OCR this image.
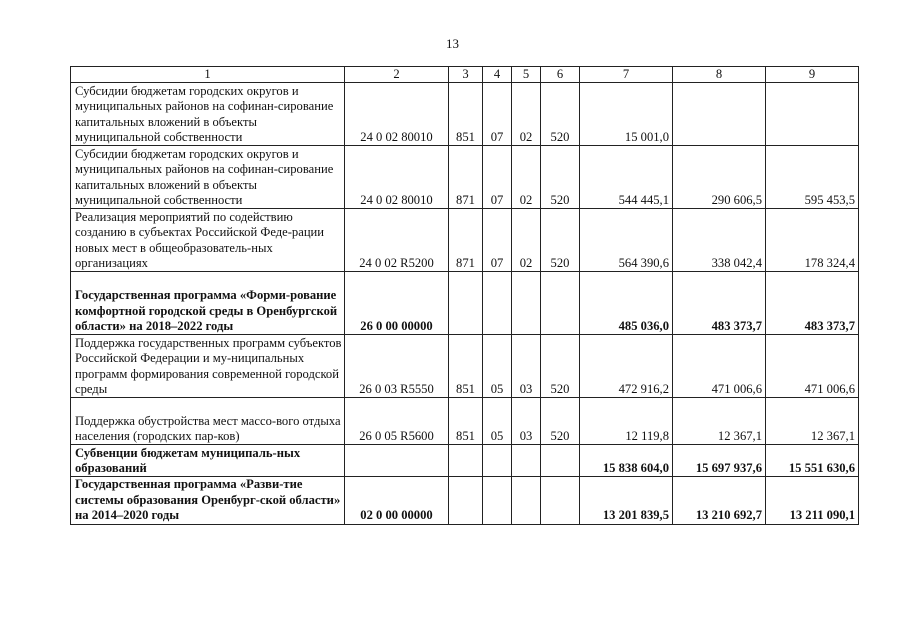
13
1	2	3	4	5	6	7	8	9
Субсидии бюджетам городских округов и муниципальных районов на софинан-сирование капитальных вложений в объекты муниципальной собственности	24 0 02 80010	851	07	02	520	15 001,0		
Субсидии бюджетам городских округов и муниципальных районов на софинан-сирование капитальных вложений в объекты муниципальной собственности	24 0 02 80010	871	07	02	520	544 445,1	290 606,5	595 453,5
Реализация мероприятий по содействию созданию в субъектах Российской Феде-рации новых мест в общеобразователь-ных организациях	24 0 02 R5200	871	07	02	520	564 390,6	338 042,4	178 324,4
Государственная программа «Форми-рование комфортной городской среды в Оренбургской области» на 2018–2022 годы	26 0 00 00000					485 036,0	483 373,7	483 373,7
Поддержка государственных программ субъектов Российской Федерации и му-ниципальных программ формирования современной городской среды	26 0 03 R5550	851	05	03	520	472 916,2	471 006,6	471 006,6
Поддержка обустройства мест массо-вого отдыха населения (городских пар-ков)	26 0 05 R5600	851	05	03	520	12 119,8	12 367,1	12 367,1
Субвенции бюджетам муниципаль-ных образований						15 838 604,0	15 697 937,6	15 551 630,6
Государственная программа «Разви-тие системы образования Оренбург-ской области» на 2014–2020 годы	02 0 00 00000					13 201 839,5	13 210 692,7	13 211 090,1
